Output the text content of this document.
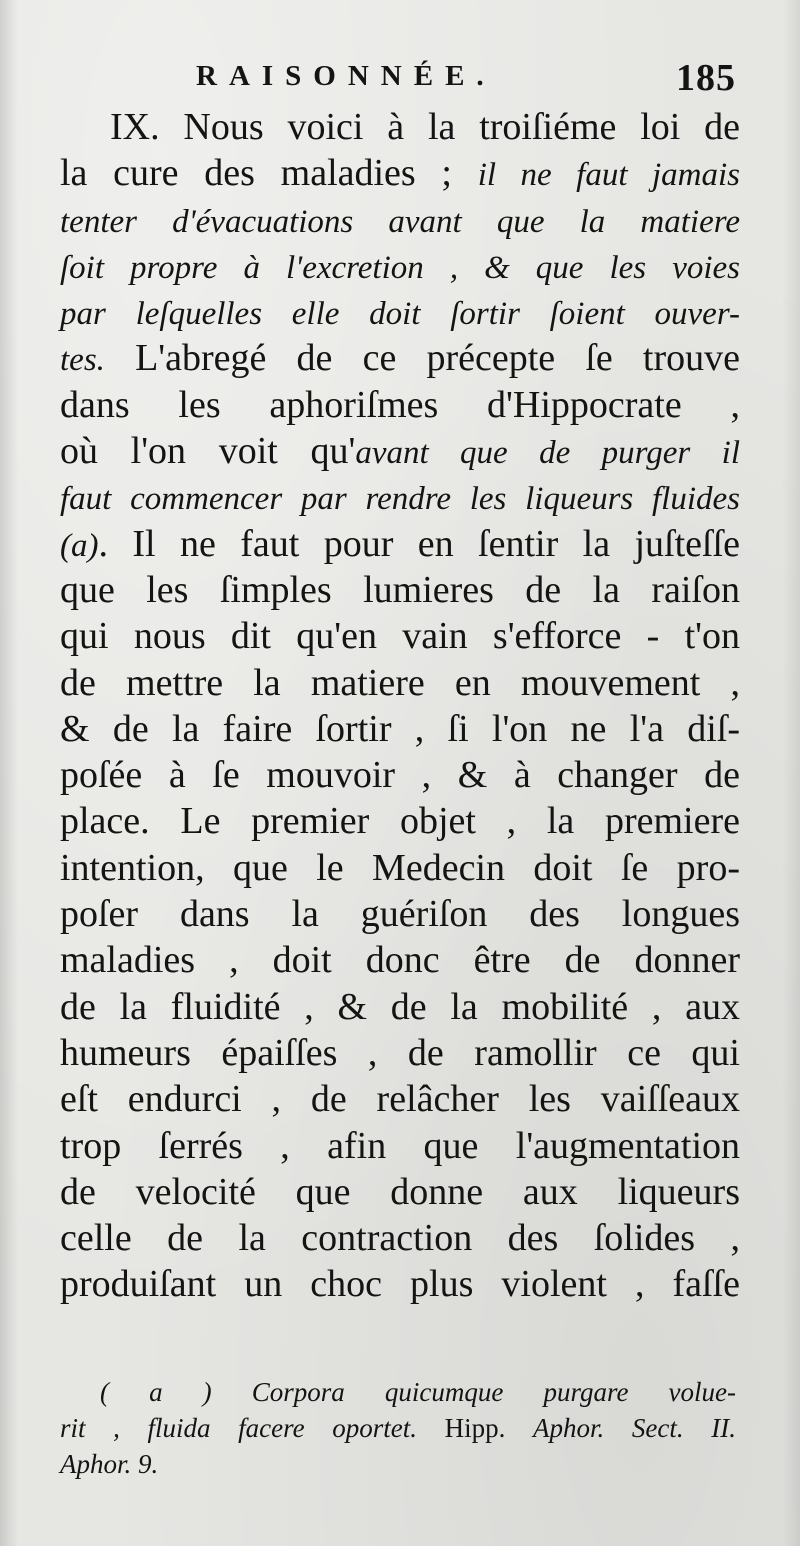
RAISONNÉE.	185
IX. Nous voici à la troiſiéme loi de
la cure des maladies ; il ne faut jamais
tenter d'évacuations avant que la matiere
ſoit propre à l'excretion , & que les voies
par leſquelles elle doit ſortir ſoient ouver-
tes. L'abregé de ce précepte ſe trouve
dans les aphoriſmes d'Hippocrate ,
où l'on voit qu'avant que de purger il
faut commencer par rendre les liqueurs fluides
(a). Il ne faut pour en ſentir la juſteſſe
que les ſimples lumieres de la raiſon
qui nous dit qu'en vain s'efforce - t'on
de mettre la matiere en mouvement ,
& de la faire ſortir , ſi l'on ne l'a diſ-
poſée à ſe mouvoir , & à changer de
place. Le premier objet , la premiere
intention, que le Medecin doit ſe pro-
poſer dans la guériſon des longues
maladies , doit donc être de donner
de la fluidité , & de la mobilité , aux
humeurs épaiſſes , de ramollir ce qui
eſt endurci , de relâcher les vaiſſeaux
trop ſerrés , afin que l'augmentation
de velocité que donne aux liqueurs
celle de la contraction des ſolides ,
produiſant un choc plus violent , faſſe
( a ) Corpora quicumque purgare volue-
rit , fluida facere oportet. Hipp. Aphor. Sect. II.
Aphor. 9.
